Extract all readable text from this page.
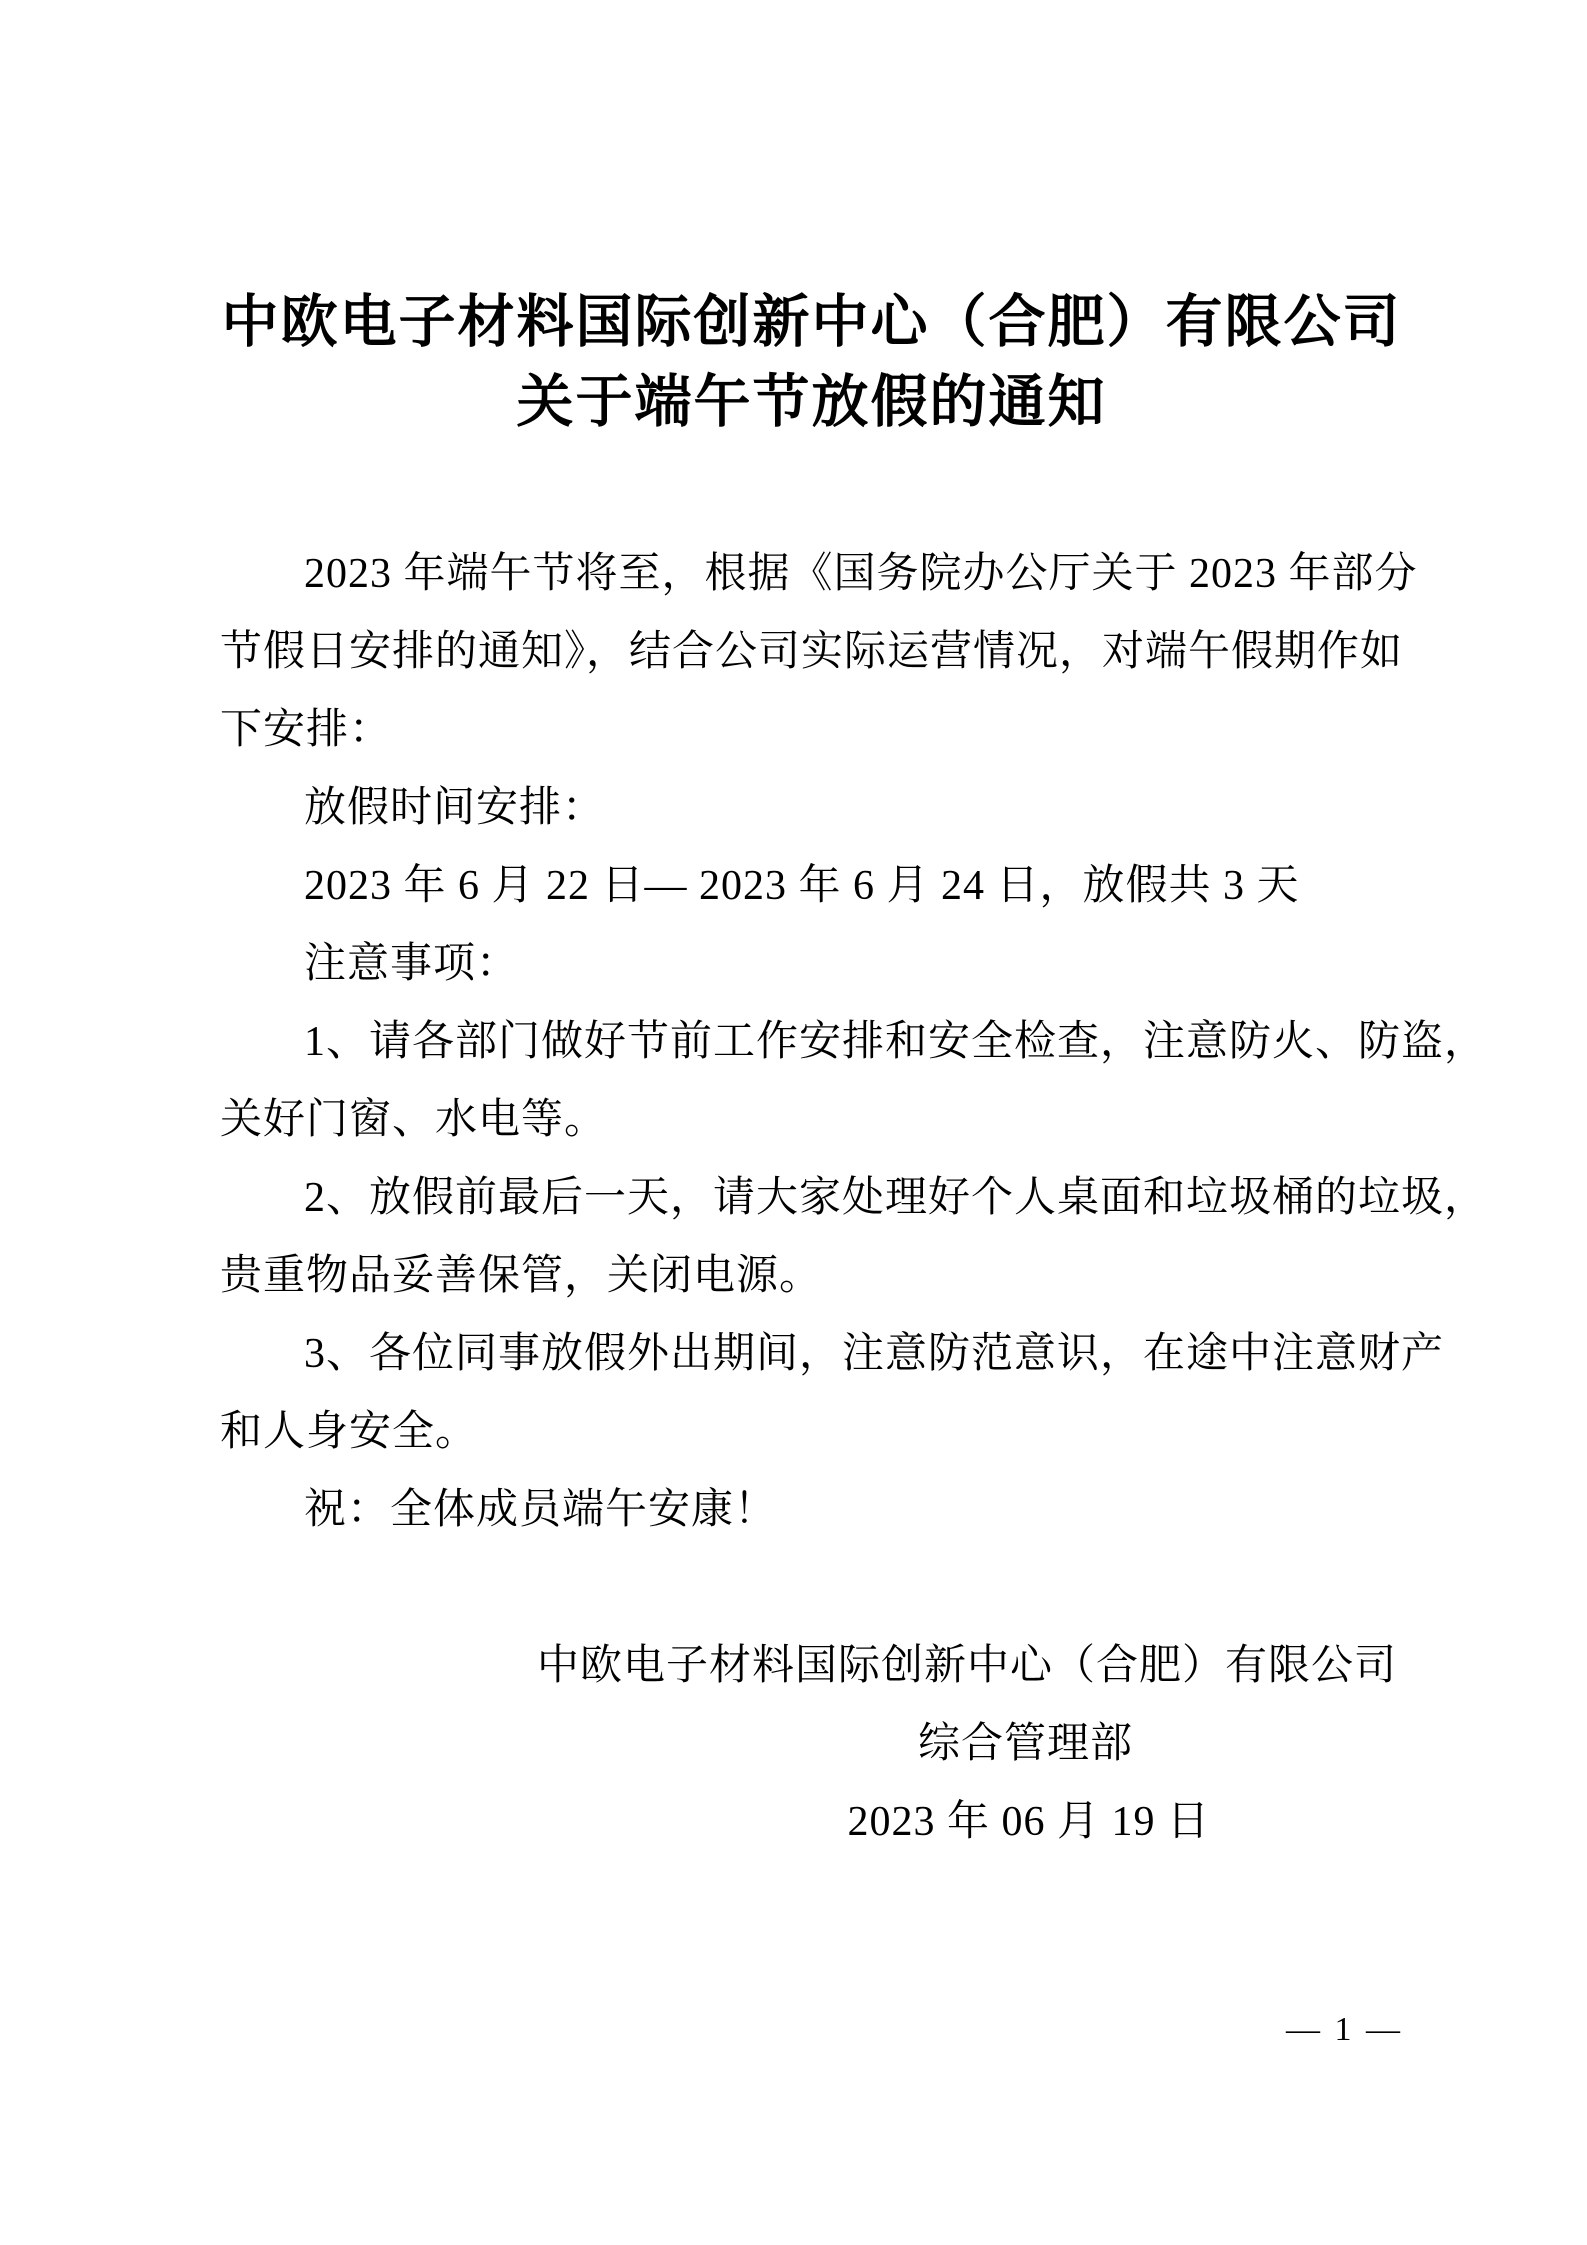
中欧电子材料国际创新中心（合肥）有限公司
关于端午节放假的通知
2023 年端午节将至，根据《国务院办公厅关于 2023 年部分
节假日安排的通知》，结合公司实际运营情况，对端午假期作如
下安排：
放假时间安排：
2023 年 6 月 22 日— 2023 年 6 月 24 日，放假共 3 天
注意事项：
1、请各部门做好节前工作安排和安全检查，注意防火、防盗，
关好门窗、水电等。
2、放假前最后一天，请大家处理好个人桌面和垃圾桶的垃圾，
贵重物品妥善保管，关闭电源。
3、各位同事放假外出期间，注意防范意识，在途中注意财产
和人身安全。
祝：全体成员端午安康！
中欧电子材料国际创新中心（合肥）有限公司
综合管理部
2023 年 06 月 19 日
— 1 —
